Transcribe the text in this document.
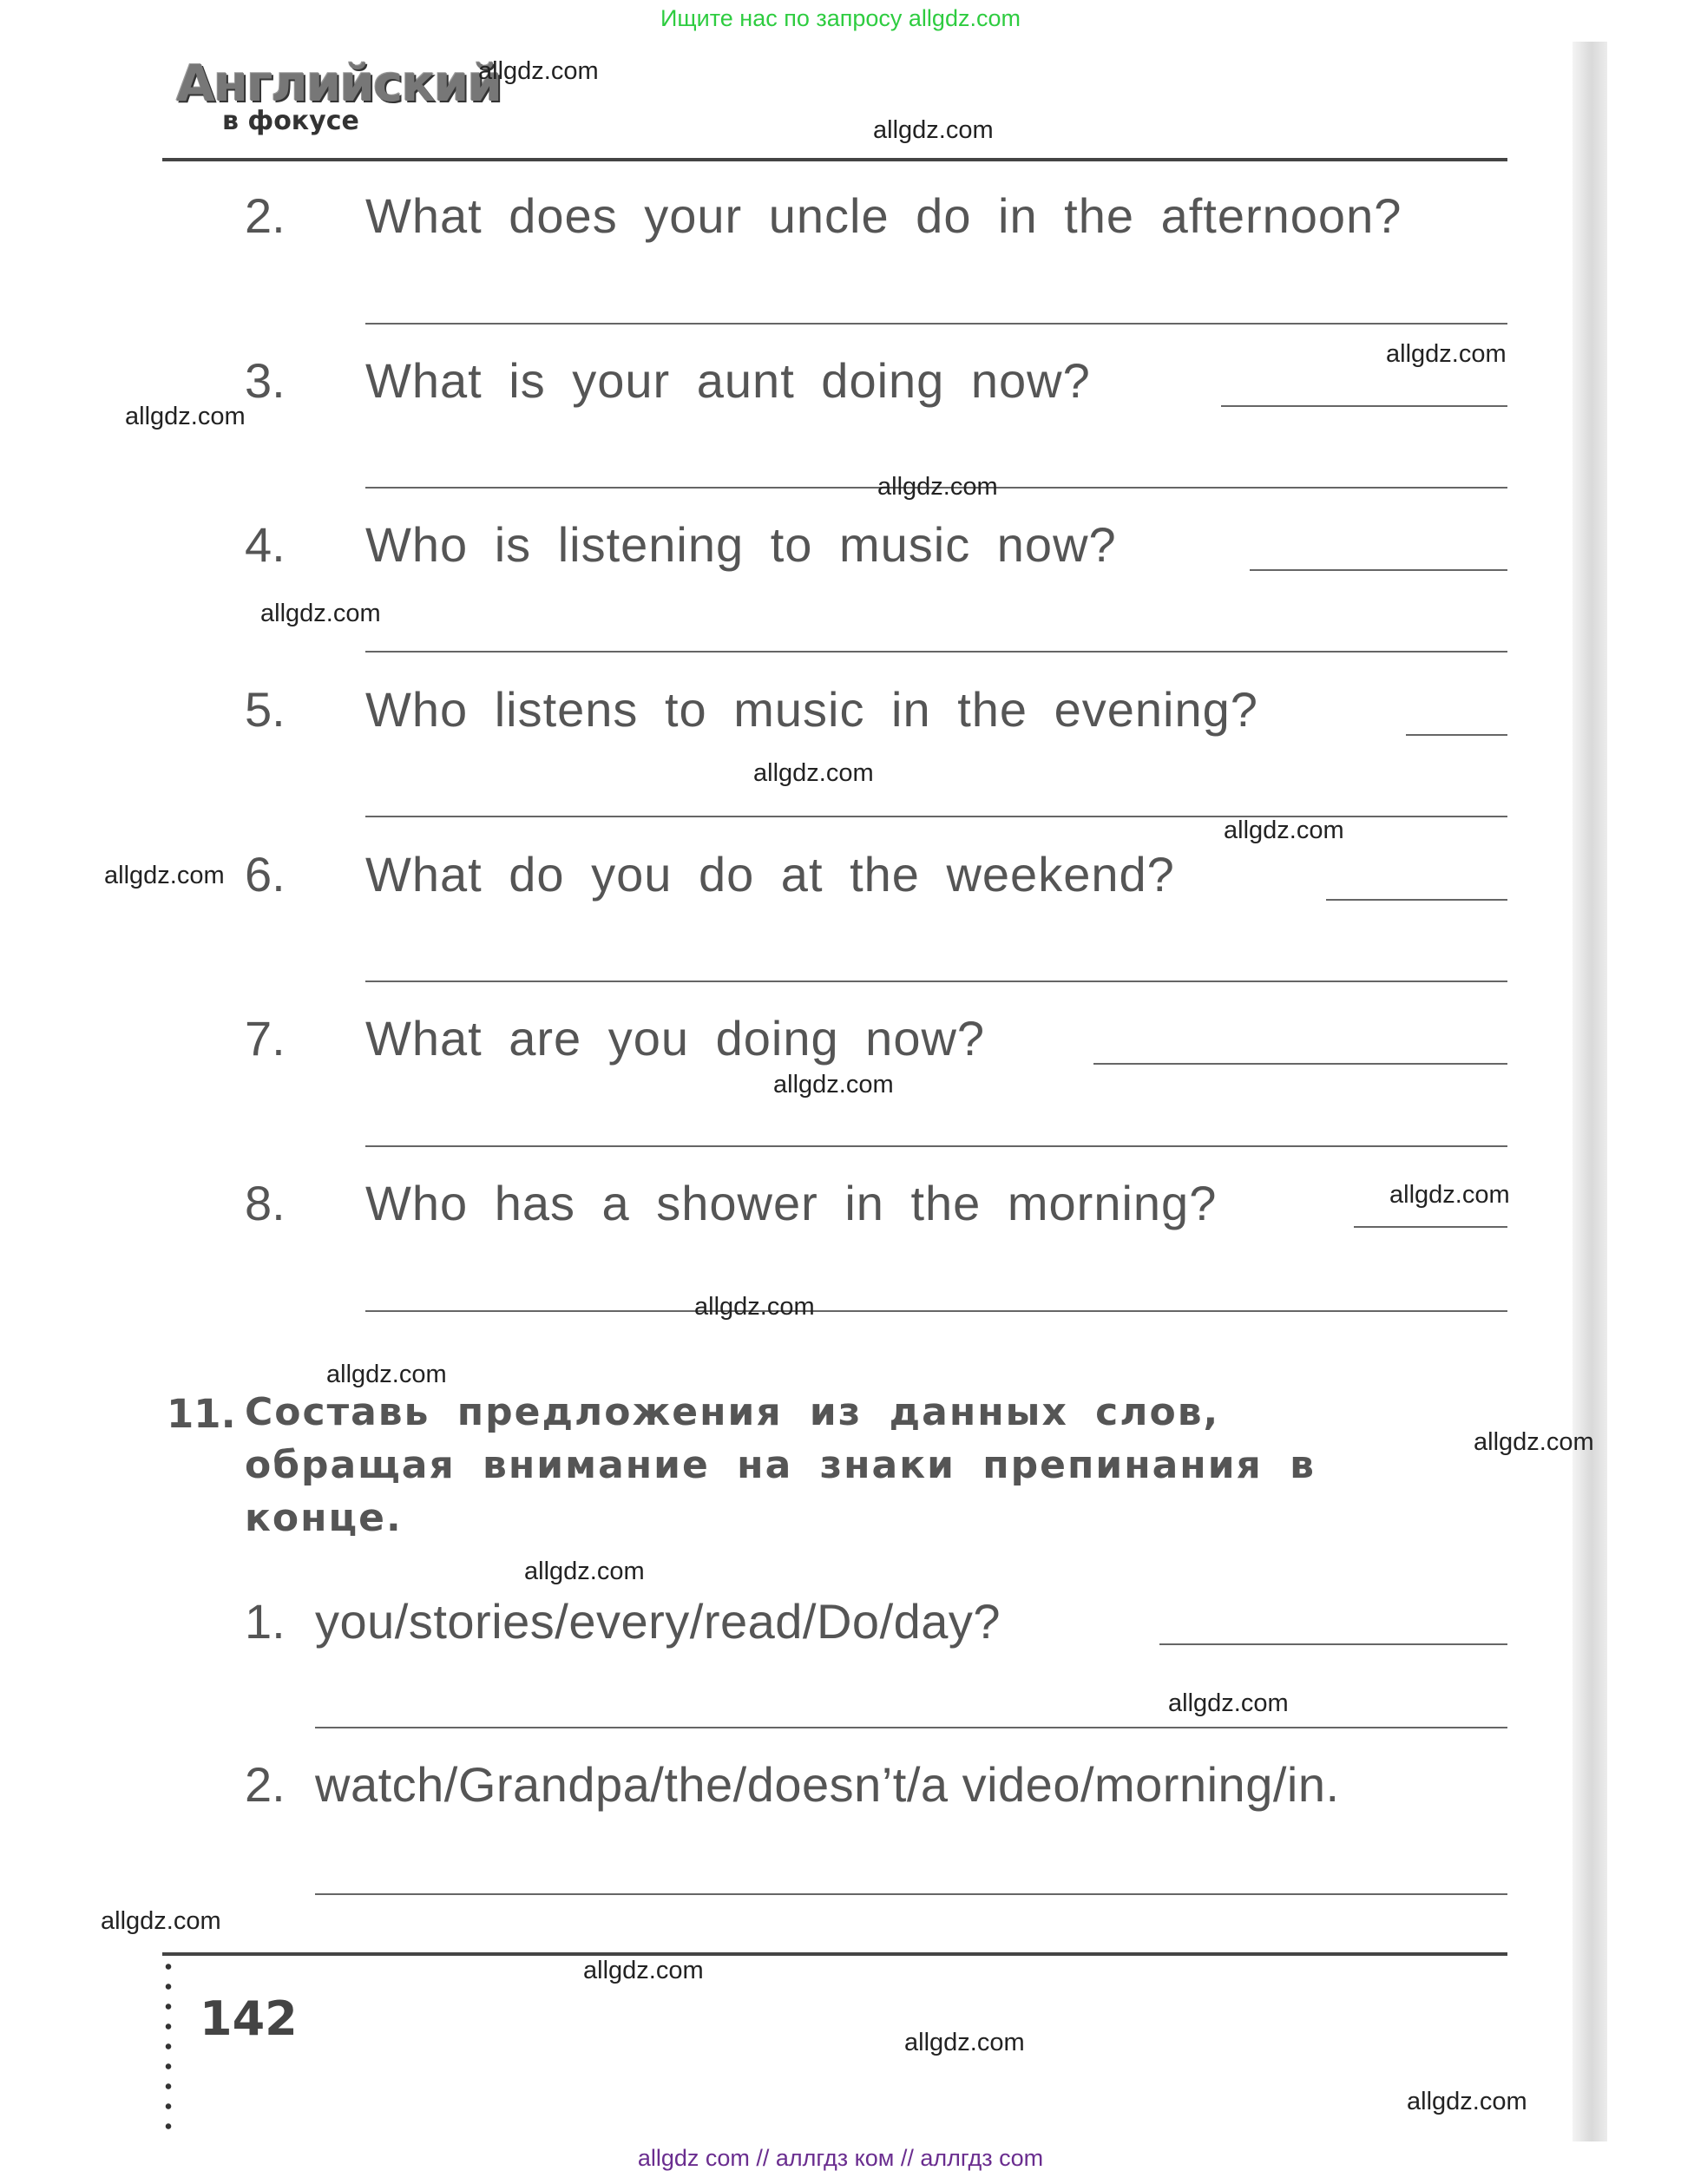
Ищите нас по запросу allgdz.com
allgdz com // аллгдз ком // аллгдз com
Английский
в фокусе
2. What does your uncle do in the afternoon?
3. What is your aunt doing now?
4. Who is listening to music now?
5. Who listens to music in the evening?
6. What do you do at the weekend?
7. What are you doing now?
8. Who has a shower in the morning?
11. Составь предложения из данных слов, обращая внимание на знаки препинания в конце.
1. you/stories/every/read/Do/day?
2. watch/Grandpa/the/doesn’t/a video/morning/in.
142
allgdz.com
allgdz.com
allgdz.com
allgdz.com
allgdz.com
allgdz.com
allgdz.com
allgdz.com
allgdz.com
allgdz.com
allgdz.com
allgdz.com
allgdz.com
allgdz.com
allgdz.com
allgdz.com
allgdz.com
allgdz.com
allgdz.com
allgdz.com
